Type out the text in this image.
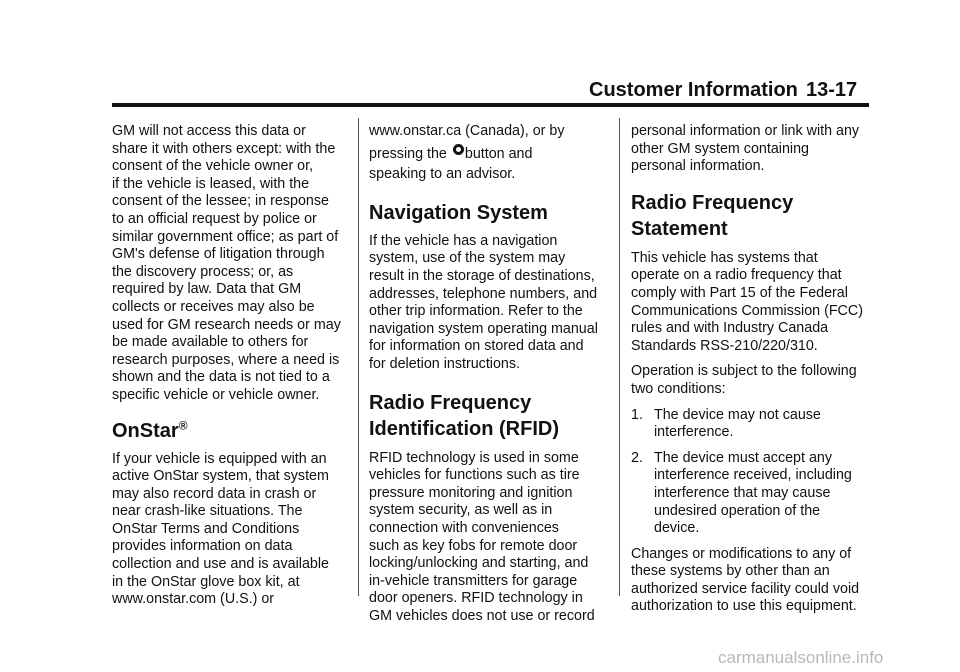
Customer Information 13-17

GM will not access this data or
share it with others except: with the
consent of the vehicle owner or,
if the vehicle is leased, with the
consent of the lessee; in response
to an official request by police or
similar government office; as part of
GM's defense of litigation through
the discovery process; or, as
required by law. Data that GM
collects or receives may also be
used for GM research needs or may
be made available to others for
research purposes, where a need is
shown and the data is not tied to a
specific vehicle or vehicle owner.

OnStar®

If your vehicle is equipped with an
active OnStar system, that system
may also record data in crash or
near crash-like situations. The
OnStar Terms and Conditions
provides information on data
collection and use and is available
in the OnStar glove box kit, at
www.onstar.com (U.S.) or

www.onstar.ca (Canada), or by
pressing the button and
speaking to an advisor.

Navigation System

If the vehicle has a navigation
system, use of the system may
result in the storage of destinations,
addresses, telephone numbers, and
other trip information. Refer to the
navigation system operating manual
for information on stored data and
for deletion instructions.

Radio Frequency
Identification (RFID)

RFID technology is used in some
vehicles for functions such as tire
pressure monitoring and ignition
system security, as well as in
connection with conveniences
such as key fobs for remote door
locking/unlocking and starting, and
in-vehicle transmitters for garage
door openers. RFID technology in
GM vehicles does not use or record

personal information or link with any
other GM system containing
personal information.

Radio Frequency
Statement

This vehicle has systems that
operate on a radio frequency that
comply with Part 15 of the Federal
Communications Commission (FCC)
rules and with Industry Canada
Standards RSS-210/220/310.

Operation is subject to the following
two conditions:

1. The device may not cause
interference.
2. The device must accept any
interference received, including
interference that may cause
undesired operation of the
device.

Changes or modifications to any of
these systems by other than an
authorized service facility could void
authorization to use this equipment.

carmanualsonline.info
